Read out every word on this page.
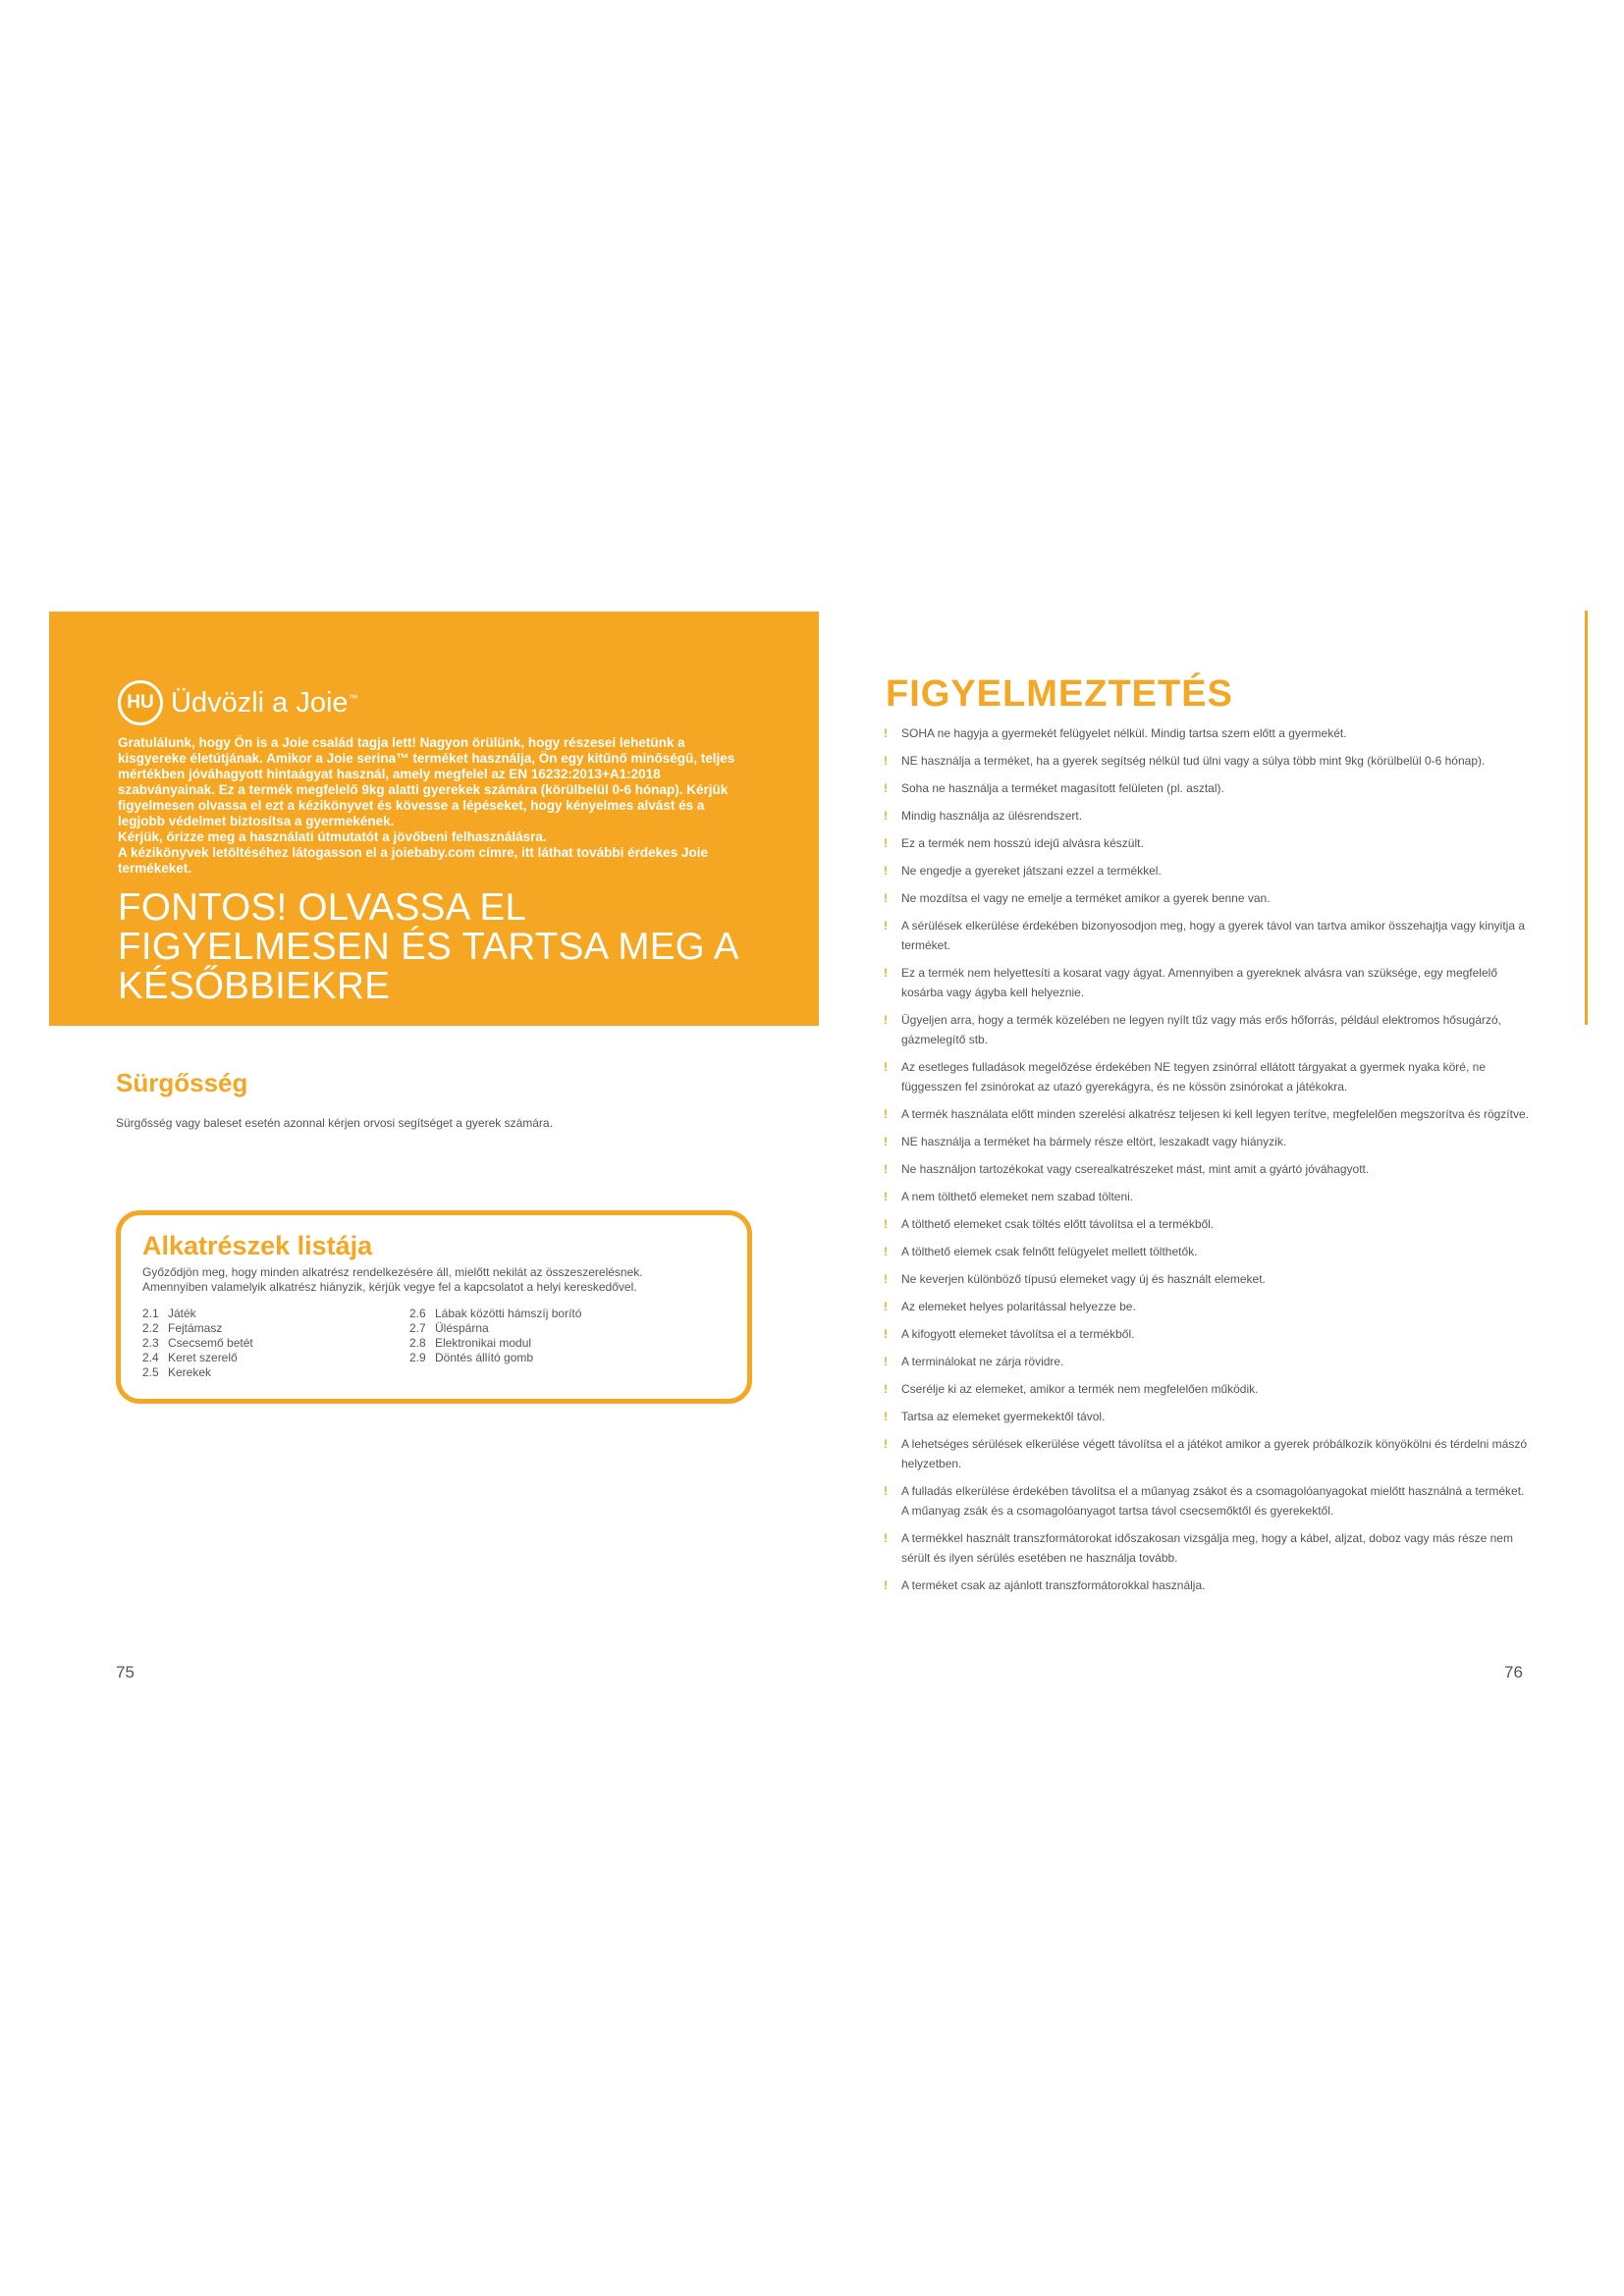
HU Üdvözli a Joie™

Gratulálunk, hogy Ön is a Joie család tagja lett! Nagyon örülünk, hogy részesei lehetünk a kisgyereke életútjának. Amikor a Joie serina™ terméket használja, Ön egy kitűnő minőségű, teljes mértékben jóváhagyott hintaágyat használ, amely megfelel az EN 16232:2013+A1:2018 szabványainak. Ez a termék megfelelő 9kg alatti gyerekek számára (körülbelül 0-6 hónap). Kérjük figyelmesen olvassa el ezt a kézikönyvet és kövesse a lépéseket, hogy kényelmes alvást és a legjobb védelmet biztosítsa a gyermekének.

Kérjük, őrizze meg a használati útmutatót a jövőbeni felhasználásra.

A kézikönyvek letöltéséhez látogasson el a joiebaby.com címre, itt láthat további érdekes Joie termékeket.

FONTOS! OLVASSA EL
FIGYELMESEN ÉS TARTSA MEG A
KÉSŐBBIEKRE
Sürgősség
Sürgősség vagy baleset esetén azonnal kérjen orvosi segítséget a gyerek számára.
Alkatrészek listája

Győződjön meg, hogy minden alkatrész rendelkezésére áll, mielőtt nekilát az összeszerelésnek.

Amennyiben valamelyik alkatrész hiányzik, kérjük vegye fel a kapcsolatot a helyi kereskedővel.

2.1 Játék
2.2 Fejtámasz
2.3 Csecsemő betét
2.4 Keret szerelő
2.5 Kerekek
2.6 Lábak közötti hámszíj borító
2.7 Üléspárna
2.8 Elektronikai modul
2.9 Döntés állító gomb
75
FIGYELMEZTETÉS
!	SOHA ne hagyja a gyermekét felügyelet nélkül. Mindig tartsa szem előtt a gyermekét.
!	NE használja a terméket, ha a gyerek segítség nélkül tud ülni vagy a súlya több mint 9kg (körülbelül 0-6 hónap).
!	Soha ne használja a terméket magasított felületen (pl. asztal).
!	Mindig használja az ülésrendszert.
!	Ez a termék nem hosszú idejű alvásra készült.
!	Ne engedje a gyereket játszani ezzel a termékkel.
!	Ne mozdítsa el vagy ne emelje a terméket amikor a gyerek benne van.
!	A sérülések elkerülése érdekében bizonyosodjon meg, hogy a gyerek távol van tartva amikor összehajtja vagy kinyitja a terméket.
!	Ez a termék nem helyettesíti a kosarat vagy ágyat. Amennyiben a gyereknek alvásra van szüksége, egy megfelelő kosárba vagy ágyba kell helyeznie.
!	Ügyeljen arra, hogy a termék közelében ne legyen nyílt tűz vagy más erős hőforrás, például elektromos hősugárzó, gázmelegítő stb.
!	Az esetleges fulladások megelőzése érdekében NE tegyen zsinórral ellátott tárgyakat a gyermek nyaka köré, ne függesszen fel zsinórokat az utazó gyerekágyra, és ne kössön zsinórokat a játékokra.
!	A termék használata előtt minden szerelési alkatrész teljesen ki kell legyen terítve, megfelelően megszorítva és rögzítve.
!	NE használja a terméket ha bármely része eltört, leszakadt vagy hiányzik.
!	Ne használjon tartozékokat vagy cserealkatrészeket mást, mint amit a gyártó jóváhagyott.
!	A nem tölthető elemeket nem szabad tölteni.
!	A tölthető elemeket csak töltés előtt távolítsa el a termékből.
!	A tölthető elemek csak felnőtt felügyelet mellett tölthetők.
!	Ne keverjen különböző típusú elemeket vagy új és használt elemeket.
!	Az elemeket helyes polaritással helyezze be.
!	A kifogyott elemeket távolítsa el a termékből.
!	A terminálokat ne zárja rövidre.
!	Cserélje ki az elemeket, amikor a termék nem megfelelően működik.
!	Tartsa az elemeket gyermekektől távol.
!	A lehetséges sérülések elkerülése végett távolítsa el a játékot amikor a gyerek próbálkozik könyökölni és térdelni mászó helyzetben.
!	A fulladás elkerülése érdekében távolítsa el a műanyag zsákot és a csomagolóanyagokat mielőtt használná a terméket. A műanyag zsák és a csomagolóanyagot tartsa távol csecsemőktől és gyerekektől.
!	A termékkel használt transzformátorokat időszakosan vizsgálja meg, hogy a kábel, aljzat, doboz vagy más része nem sérült és ilyen sérülés esetében ne használja tovább.
!	A terméket csak az ajánlott transzformátorokkal használja.
76
